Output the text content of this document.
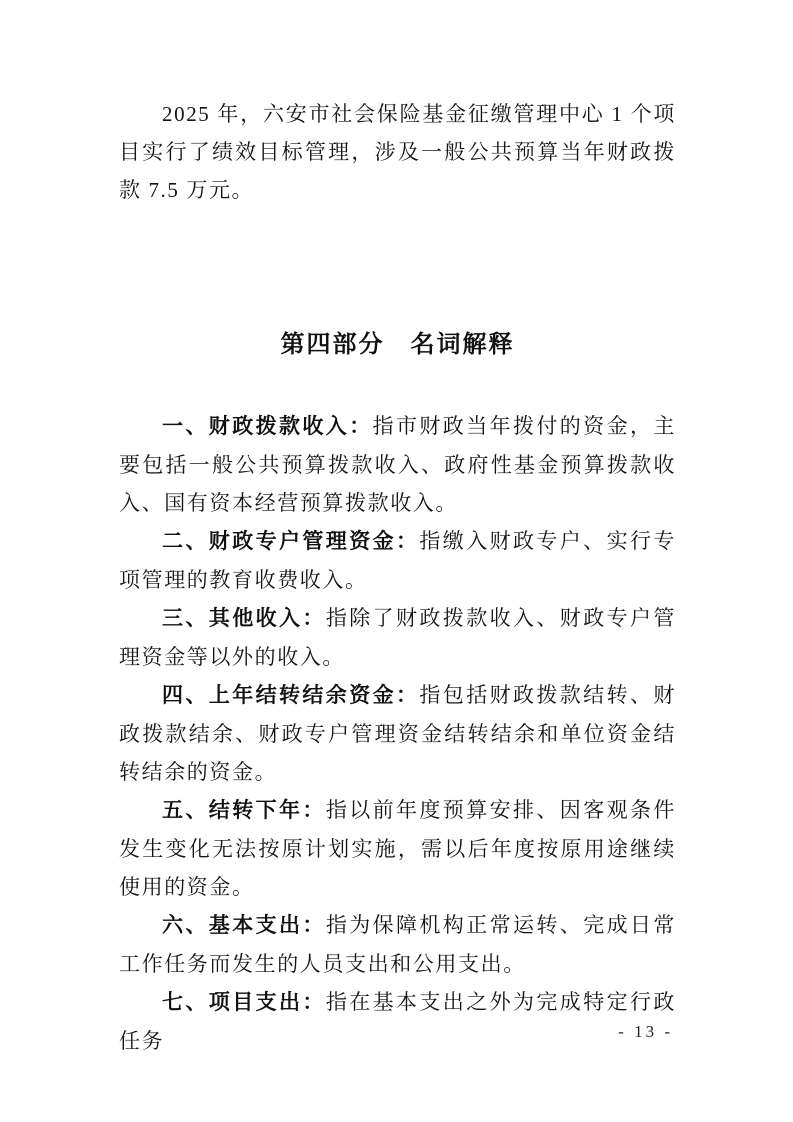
2025 年，六安市社会保险基金征缴管理中心 1 个项目实行了绩效目标管理，涉及一般公共预算当年财政拨款 7.5 万元。

第四部分　名词解释

一、财政拨款收入：指市财政当年拨付的资金，主要包括一般公共预算拨款收入、政府性基金预算拨款收入、国有资本经营预算拨款收入。

二、财政专户管理资金：指缴入财政专户、实行专项管理的教育收费收入。

三、其他收入：指除了财政拨款收入、财政专户管理资金等以外的收入。

四、上年结转结余资金：指包括财政拨款结转、财政拨款结余、财政专户管理资金结转结余和单位资金结转结余的资金。

五、结转下年：指以前年度预算安排、因客观条件发生变化无法按原计划实施，需以后年度按原用途继续使用的资金。

六、基本支出：指为保障机构正常运转、完成日常工作任务而发生的人员支出和公用支出。

七、项目支出：指在基本支出之外为完成特定行政任务	- 13 -
